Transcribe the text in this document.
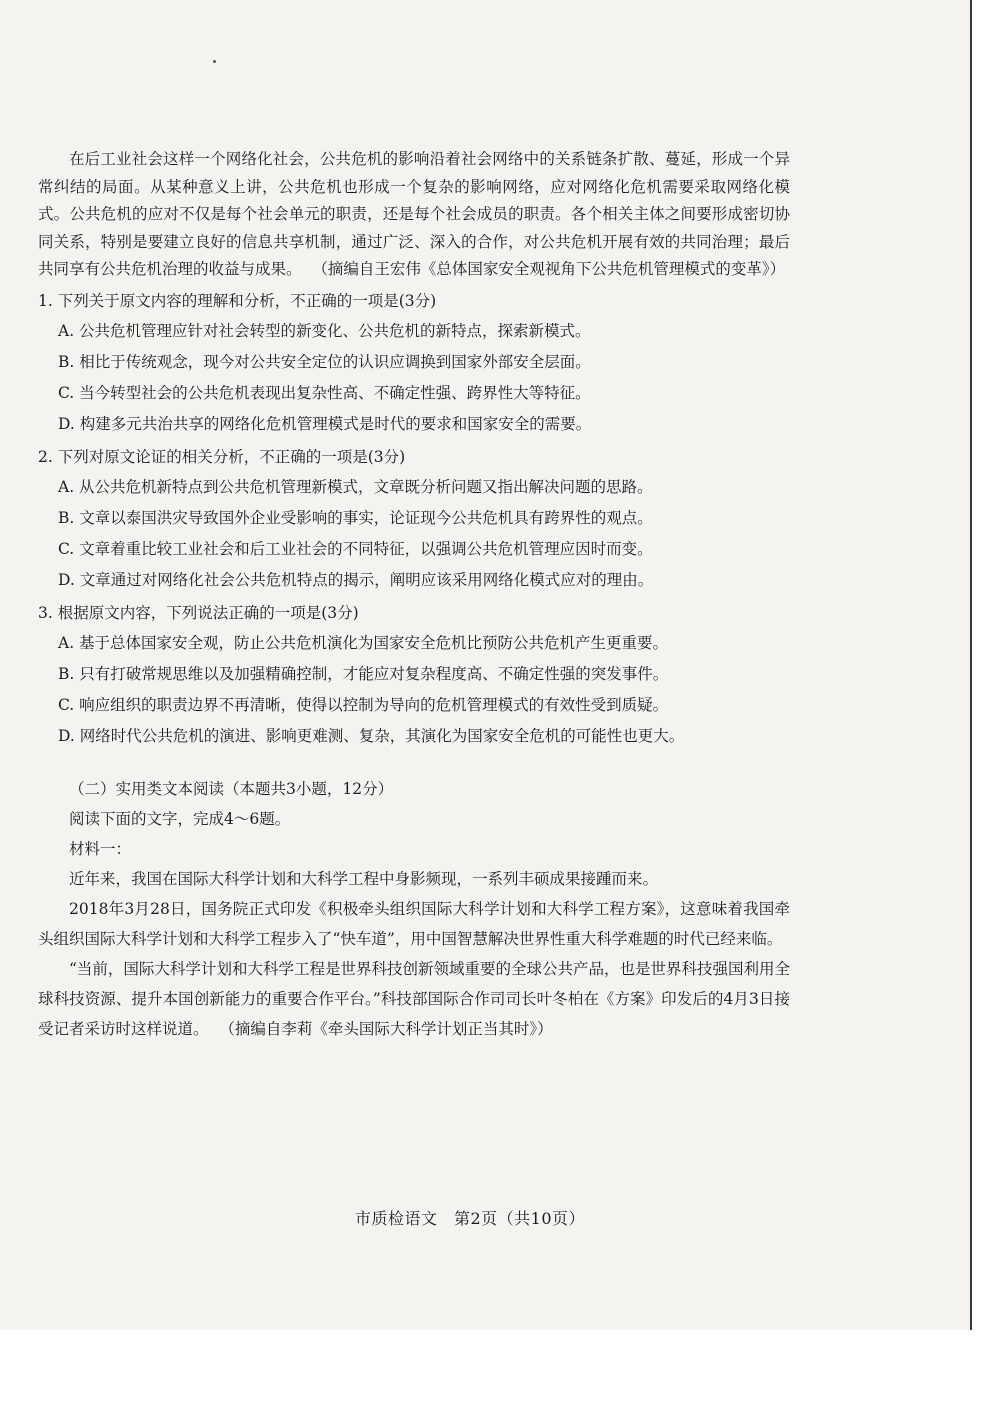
在后工业社会这样一个网络化社会，公共危机的影响沿着社会网络中的关系链条扩散、蔓延，形成一个异常纠结的局面。从某种意义上讲，公共危机也形成一个复杂的影响网络，应对网络化危机需要采取网络化模式。公共危机的应对不仅是每个社会单元的职责，还是每个社会成员的职责。各个相关主体之间要形成密切协同关系，特别是要建立良好的信息共享机制，通过广泛、深入的合作，对公共危机开展有效的共同治理；最后共同享有公共危机治理的收益与成果。 （摘编自王宏伟《总体国家安全观视角下公共危机管理模式的变革》）

1. 下列关于原文内容的理解和分析，不正确的一项是(3分)

A. 公共危机管理应针对社会转型的新变化、公共危机的新特点，探索新模式。

B. 相比于传统观念，现今对公共安全定位的认识应调换到国家外部安全层面。

C. 当今转型社会的公共危机表现出复杂性高、不确定性强、跨界性大等特征。

D. 构建多元共治共享的网络化危机管理模式是时代的要求和国家安全的需要。

2. 下列对原文论证的相关分析，不正确的一项是(3分)

A. 从公共危机新特点到公共危机管理新模式，文章既分析问题又指出解决问题的思路。

B. 文章以泰国洪灾导致国外企业受影响的事实，论证现今公共危机具有跨界性的观点。

C. 文章着重比较工业社会和后工业社会的不同特征，以强调公共危机管理应因时而变。

D. 文章通过对网络化社会公共危机特点的揭示，阐明应该采用网络化模式应对的理由。

3. 根据原文内容，下列说法正确的一项是(3分)

A. 基于总体国家安全观，防止公共危机演化为国家安全危机比预防公共危机产生更重要。

B. 只有打破常规思维以及加强精确控制，才能应对复杂程度高、不确定性强的突发事件。

C. 响应组织的职责边界不再清晰，使得以控制为导向的危机管理模式的有效性受到质疑。

D. 网络时代公共危机的演进、影响更难测、复杂，其演化为国家安全危机的可能性也更大。

（二）实用类文本阅读（本题共3小题，12分）

阅读下面的文字，完成4～6题。

材料一：

近年来，我国在国际大科学计划和大科学工程中身影频现，一系列丰硕成果接踵而来。

2018年3月28日，国务院正式印发《积极牵头组织国际大科学计划和大科学工程方案》，这意味着我国牵头组织国际大科学计划和大科学工程步入了“快车道”，用中国智慧解决世界性重大科学难题的时代已经来临。

“当前，国际大科学计划和大科学工程是世界科技创新领域重要的全球公共产品，也是世界科技强国利用全球科技资源、提升本国创新能力的重要合作平台。”科技部国际合作司司长叶冬柏在《方案》印发后的4月3日接受记者采访时这样说道。 （摘编自李莉《牵头国际大科学计划正当其时》）

市质检语文　第2页（共10页）
